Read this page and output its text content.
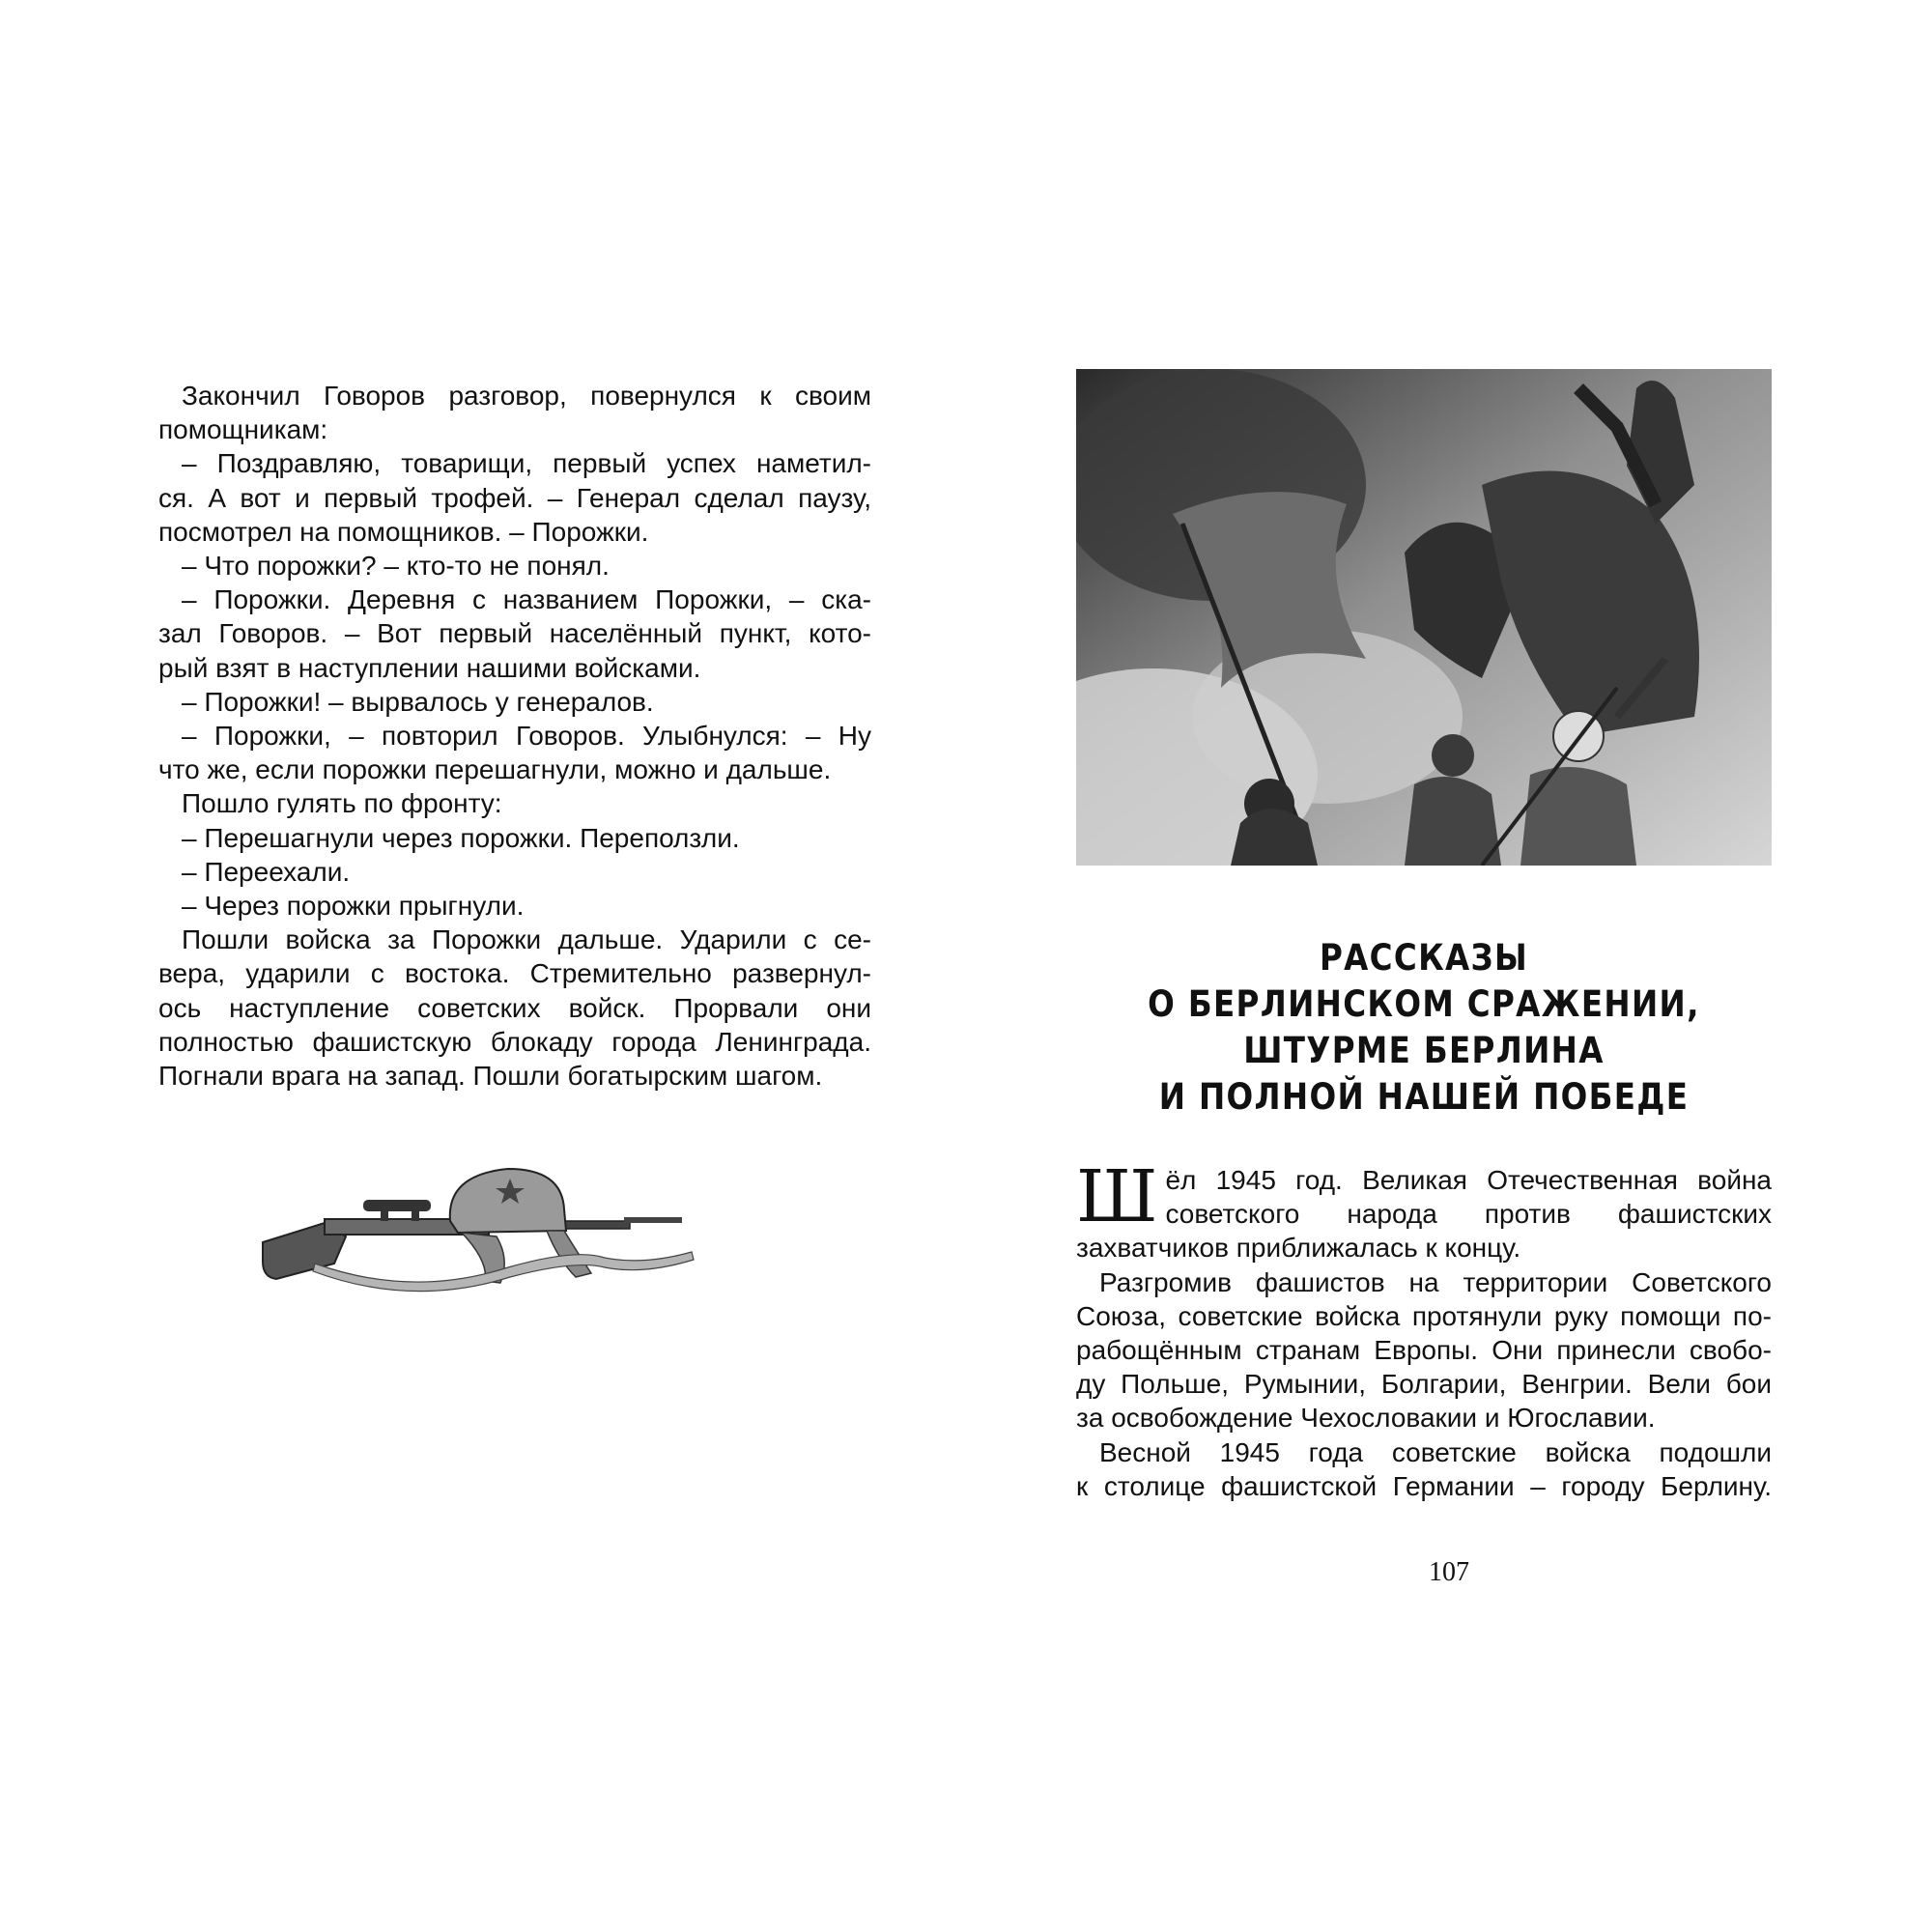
Закончил Говоров разговор, повернулся к своим

помощникам:

– Поздравляю, товарищи, первый успех наметил-

ся. А вот и первый трофей. – Генерал сделал паузу,

посмотрел на помощников. – Порожки.

– Что порожки? – кто-то не понял.

– Порожки. Деревня с названием Порожки, – ска-

зал Говоров. – Вот первый населённый пункт, кото-

рый взят в наступлении нашими войсками.

– Порожки! – вырвалось у генералов.

– Порожки, – повторил Говоров. Улыбнулся: – Ну

что же, если порожки перешагнули, можно и дальше.

Пошло гулять по фронту:

– Перешагнули через порожки. Переползли.

– Переехали.

– Через порожки прыгнули.

Пошли войска за Порожки дальше. Ударили с се-

вера, ударили с востока. Стремительно развернул-

ось наступление советских войск. Прорвали они

полностью фашистскую блокаду города Ленинграда.

Погнали врага на запад. Пошли богатырским шагом.

РАССКАЗЫ
О БЕРЛИНСКОМ СРАЖЕНИИ,
ШТУРМЕ БЕРЛИНА
И ПОЛНОЙ НАШЕЙ ПОБЕДЕ

Шёл 1945 год. Великая Отечественная война советского народа против фашистских захватчиков приближалась к концу.

Разгромив фашистов на территории Советского

Союза, советские войска протянули руку помощи по-

рабощённым странам Европы. Они принесли свобо-

ду Польше, Румынии, Болгарии, Венгрии. Вели бои

за освобождение Чехословакии и Югославии.

Весной 1945 года советские войска подошли

к столице фашистской Германии – городу Берлину.

107
